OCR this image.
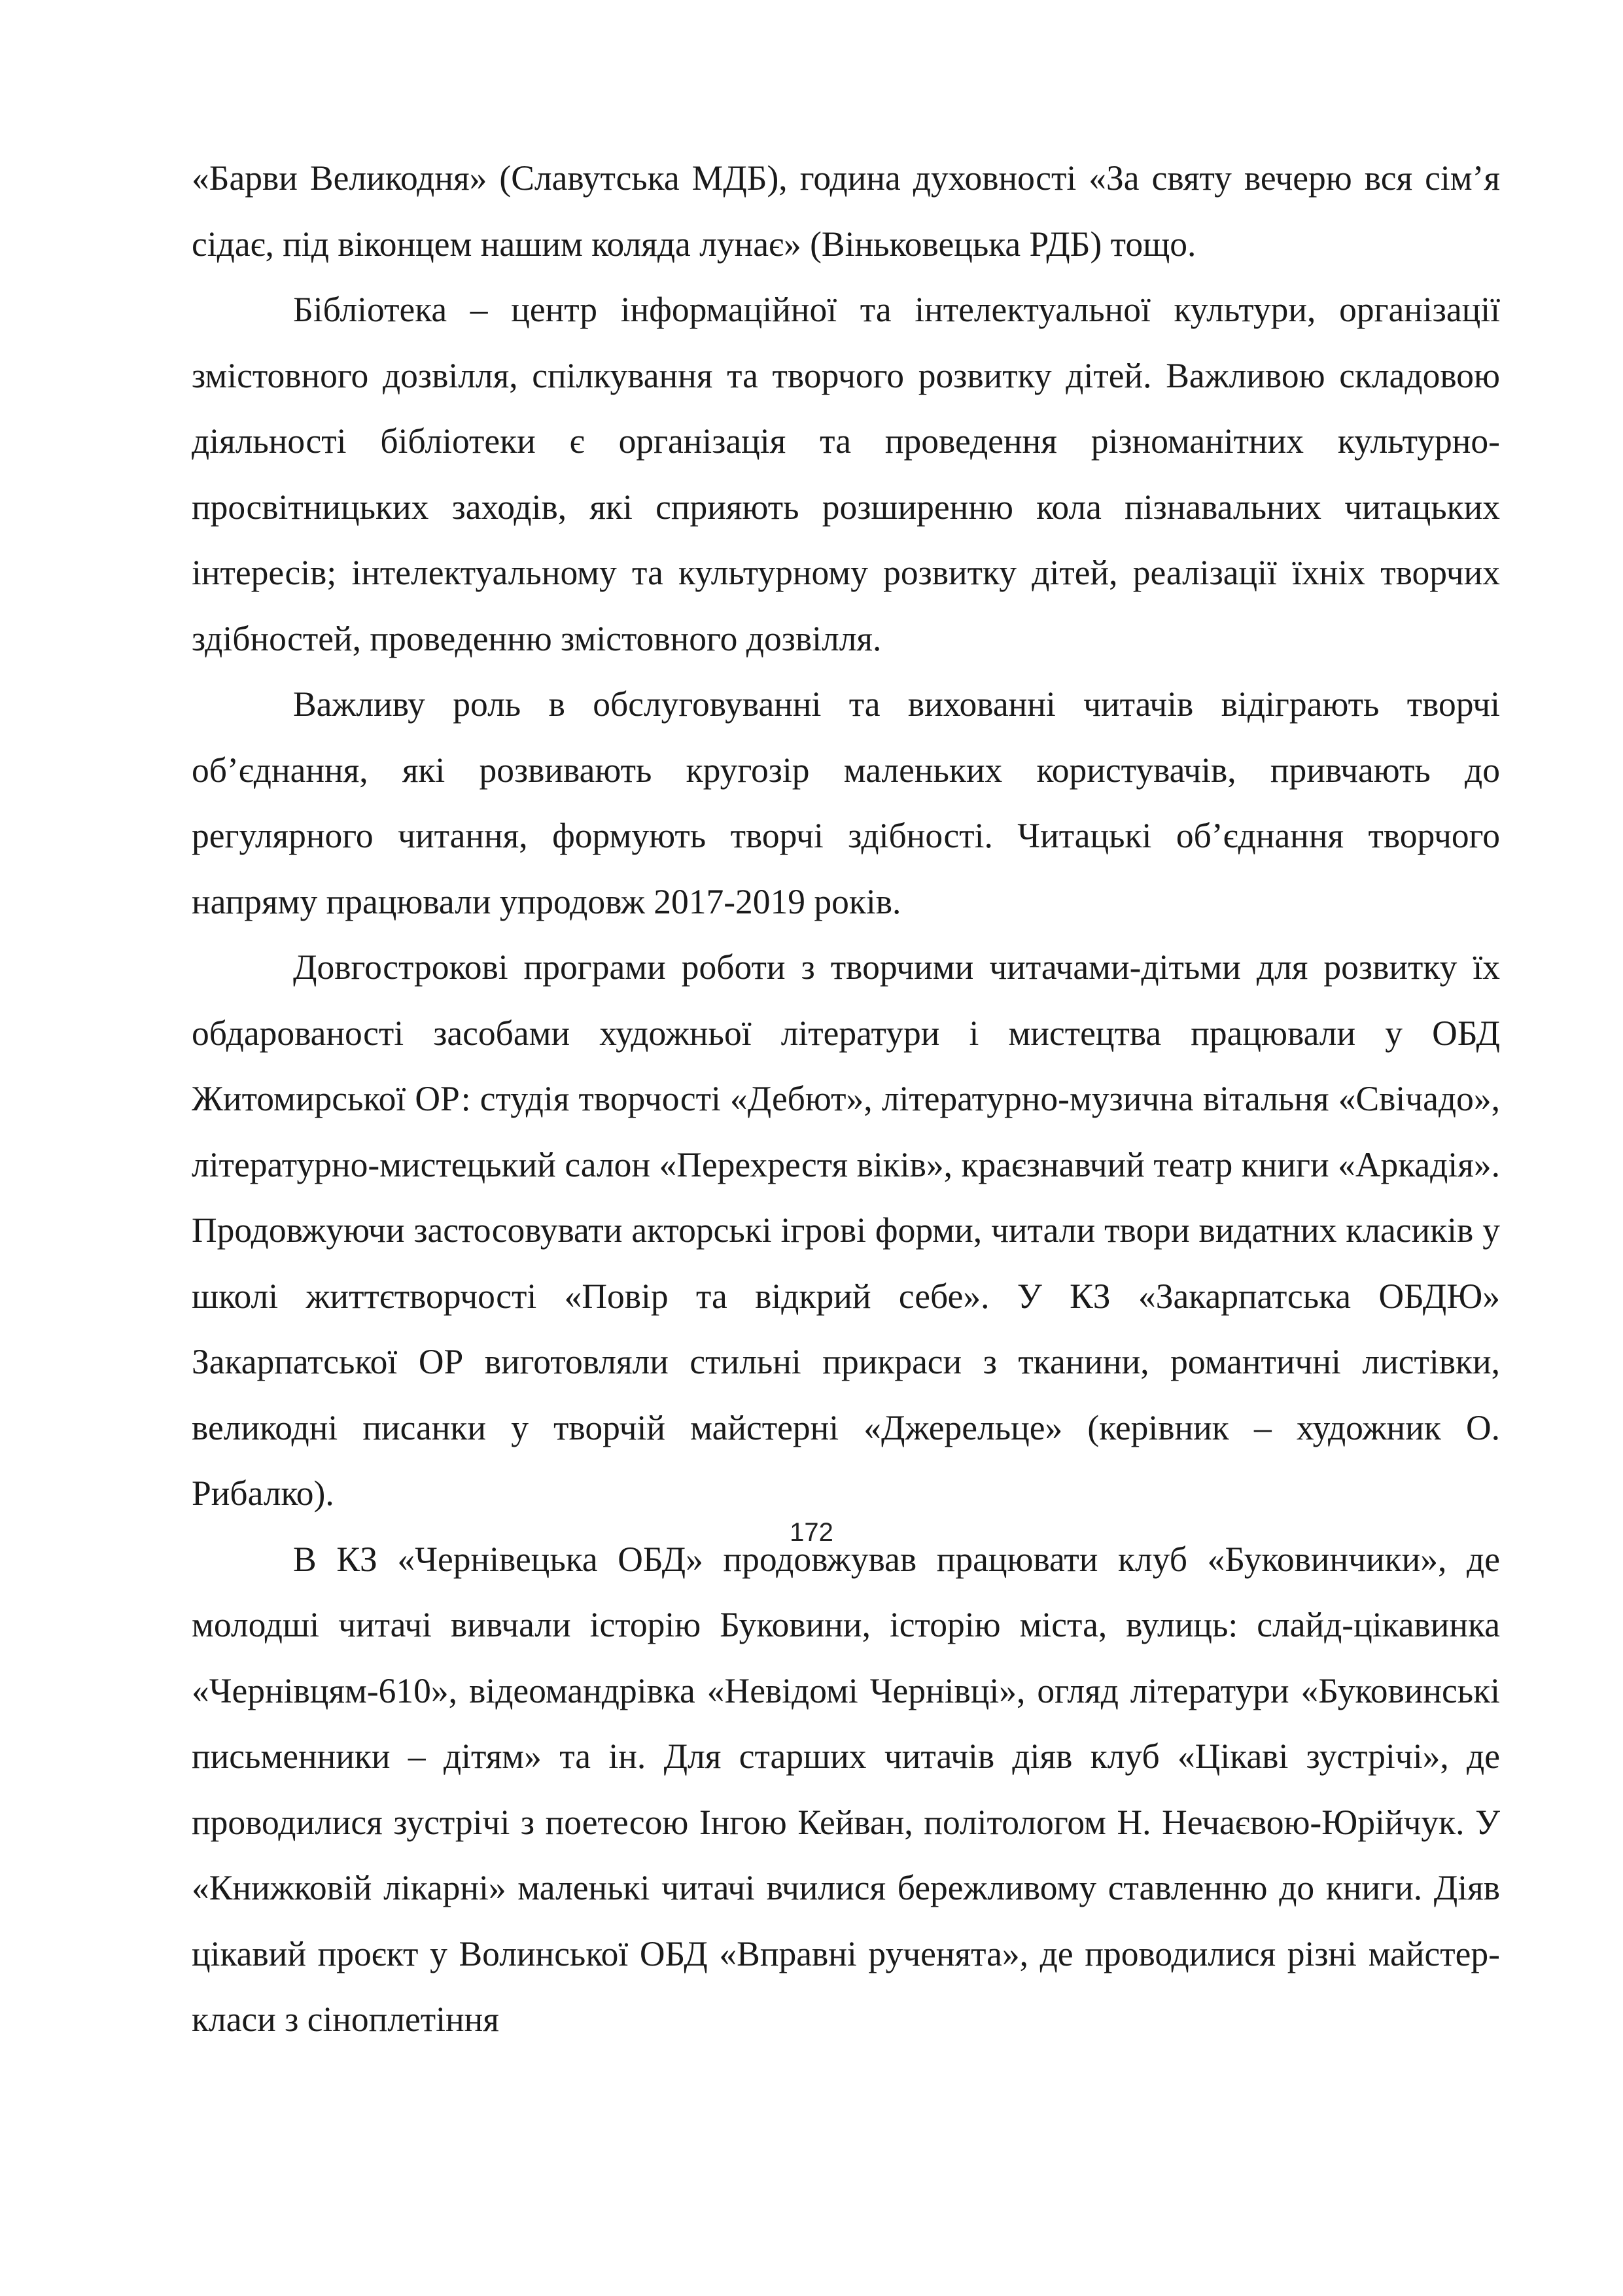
«Барви Великодня» (Славутська МДБ), година духовності «За святу вечерю вся сім’я сідає, під віконцем нашим коляда лунає» (Віньковецька РДБ) тощо.

Бібліотека – центр інформаційної та інтелектуальної культури, організації змістовного дозвілля, спілкування та творчого розвитку дітей. Важливою складовою діяльності бібліотеки є організація та проведення різноманітних культурно-просвітницьких заходів, які сприяють розширенню кола пізнавальних читацьких інтересів; інтелектуальному та культурному розвитку дітей, реалізації їхніх творчих здібностей, проведенню змістовного дозвілля.

Важливу роль в обслуговуванні та вихованні читачів відіграють творчі об’єднання, які розвивають кругозір маленьких користувачів, привчають до регулярного читання, формують творчі здібності. Читацькі об’єднання творчого напряму працювали упродовж 2017-2019 років.

Довгострокові програми роботи з творчими читачами-дітьми для розвитку їх обдарованості засобами художньої літератури і мистецтва працювали у ОБД Житомирської ОР: студія творчості «Дебют», літературно-музична вітальня «Свічадо», літературно-мистецький салон «Перехрестя віків», краєзнавчий театр книги «Аркадія». Продовжуючи застосовувати акторські ігрові форми, читали твори видатних класиків у школі життєтворчості «Повір та відкрий себе». У КЗ «Закарпатська ОБДЮ» Закарпатської ОР виготовляли стильні прикраси з тканини, романтичні листівки, великодні писанки у творчій майстерні «Джерельце» (керівник – художник О. Рибалко).

В КЗ «Чернівецька ОБД» продовжував працювати клуб «Буковинчики», де молодші читачі вивчали історію Буковини, історію міста, вулиць: слайд-цікавинка «Чернівцям-610», відеомандрівка «Невідомі Чернівці», огляд літератури «Буковинські письменники – дітям» та ін. Для старших читачів діяв клуб «Цікаві зустрічі», де проводилися зустрічі з поетесою Інгою Кейван, політологом Н. Нечаєвою-Юрійчук. У «Книжковій лікарні» маленькі читачі вчилися бережливому ставленню до книги. Діяв цікавий проєкт у Волинської ОБД «Вправні рученята», де проводилися різні майстер-класи з сіноплетіння

172
